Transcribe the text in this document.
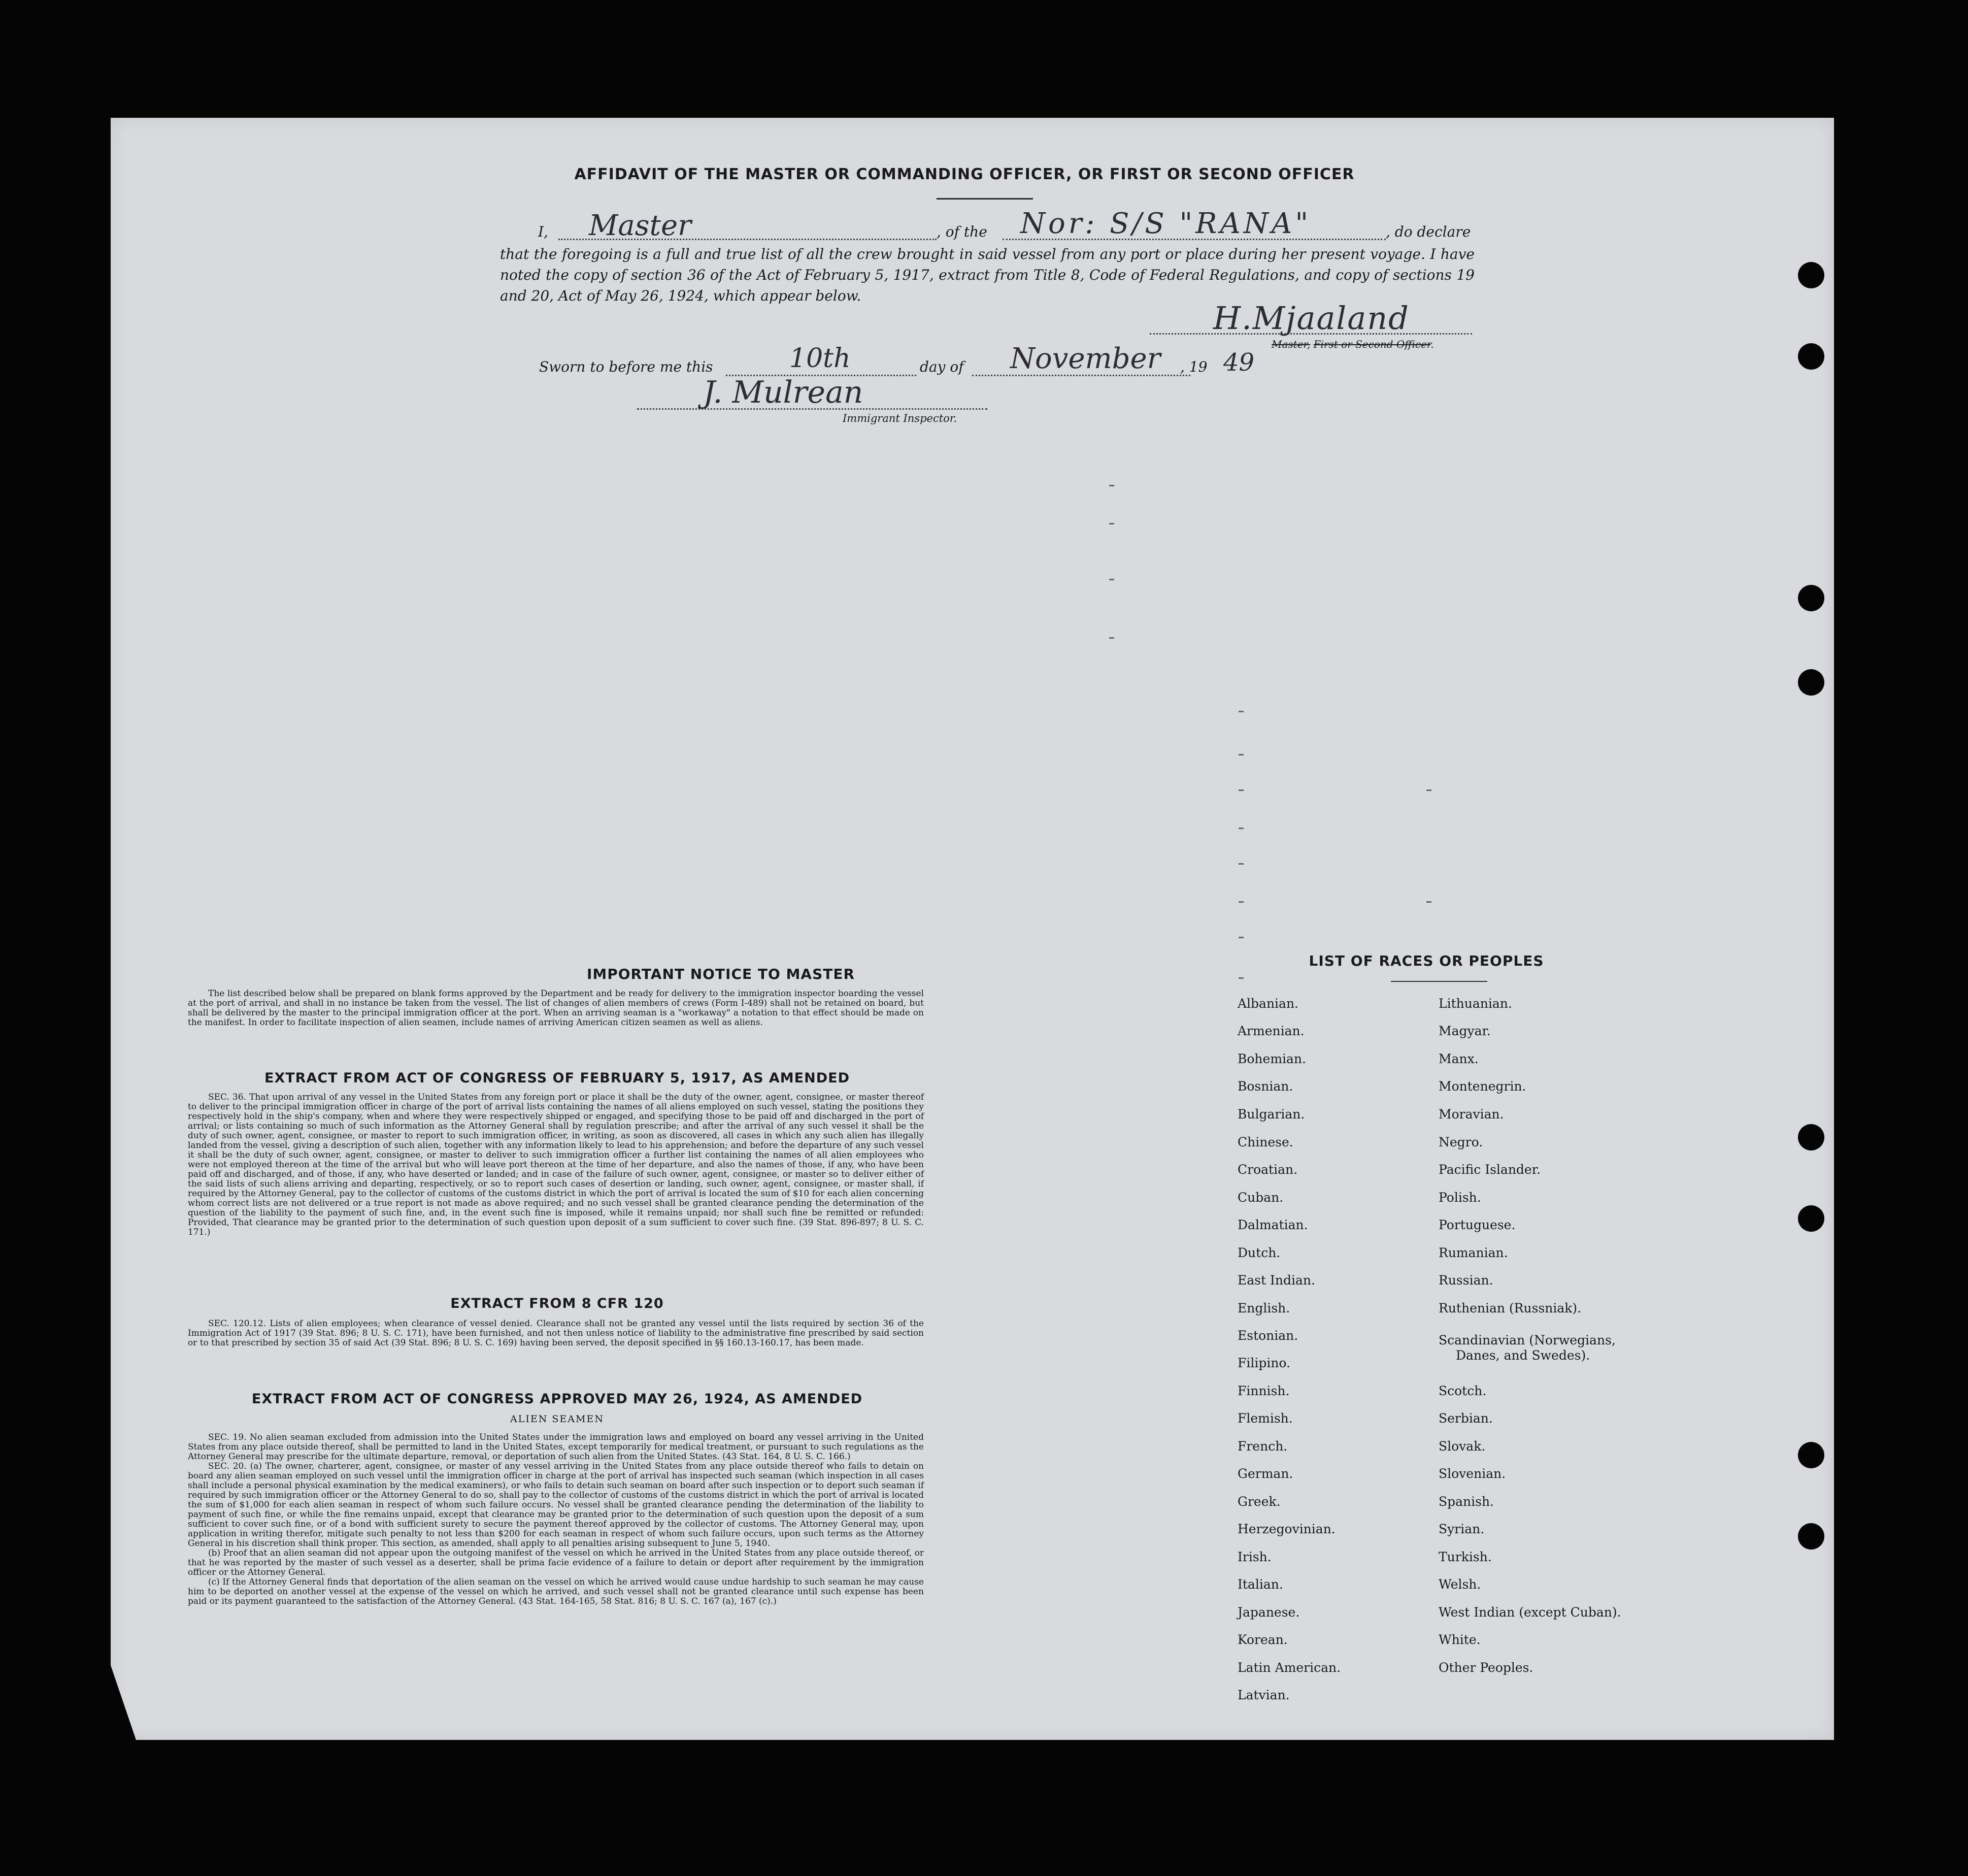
AFFIDAVIT OF THE MASTER OR COMMANDING OFFICER, OR FIRST OR SECOND OFFICER
I, Master	, of the Nor: S/S "RANA"	, do declare
that the foregoing is a full and true list of all the crew brought in said vessel from any port or place during her present voyage. I have noted the copy of section 36 of the Act of February 5, 1917, extract from Title 8, Code of Federal Regulations, and copy of sections 19 and 20, Act of May 26, 1924, which appear below.
H.Mjaaland
Master, First or Second Officer.
Sworn to before me this	10th	day of November , 19 49
J. Mulrean
Immigrant Inspector.
IMPORTANT NOTICE TO MASTER
The list described below shall be prepared on blank forms approved by the Department and be ready for delivery to the immigration inspector boarding the vessel at the port of arrival, and shall in no instance be taken from the vessel. The list of changes of alien members of crews (Form I-489) shall not be retained on board, but shall be delivered by the master to the principal immigration officer at the port. When an arriving seaman is a "workaway" a notation to that effect should be made on the manifest. In order to facilitate inspection of alien seamen, include names of arriving American citizen seamen as well as aliens.
EXTRACT FROM ACT OF CONGRESS OF FEBRUARY 5, 1917, AS AMENDED
SEC. 36. That upon arrival of any vessel in the United States from any foreign port or place it shall be the duty of the owner, agent, consignee, or master thereof to deliver to the principal immigration officer in charge of the port of arrival lists containing the names of all aliens employed on such vessel, stating the positions they respectively hold in the ship's company, when and where they were respectively shipped or engaged, and specifying those to be paid off and discharged in the port of arrival; or lists containing so much of such information as the Attorney General shall by regulation prescribe; and after the arrival of any such vessel it shall be the duty of such owner, agent, consignee, or master to report to such immigration officer, in writing, as soon as discovered, all cases in which any such alien has illegally landed from the vessel, giving a description of such alien, together with any information likely to lead to his apprehension; and before the departure of any such vessel it shall be the duty of such owner, agent, consignee, or master to deliver to such immigration officer a further list containing the names of all alien employees who were not employed thereon at the time of the arrival but who will leave port thereon at the time of her departure, and also the names of those, if any, who have been paid off and discharged, and of those, if any, who have deserted or landed; and in case of the failure of such owner, agent, consignee, or master so to deliver either of the said lists of such aliens arriving and departing, respectively, or so to report such cases of desertion or landing, such owner, agent, consignee, or master shall, if required by the Attorney General, pay to the collector of customs of the customs district in which the port of arrival is located the sum of $10 for each alien concerning whom correct lists are not delivered or a true report is not made as above required; and no such vessel shall be granted clearance pending the determination of the question of the liability to the payment of such fine, and, in the event such fine is imposed, while it remains unpaid; nor shall such fine be remitted or refunded: Provided, That clearance may be granted prior to the determination of such question upon deposit of a sum sufficient to cover such fine. (39 Stat. 896-897; 8 U. S. C. 171.)
EXTRACT FROM 8 CFR 120
SEC. 120.12. Lists of alien employees; when clearance of vessel denied. Clearance shall not be granted any vessel until the lists required by section 36 of the Immigration Act of 1917 (39 Stat. 896; 8 U. S. C. 171), have been furnished, and not then unless notice of liability to the administrative fine prescribed by said section or to that prescribed by section 35 of said Act (39 Stat. 896; 8 U. S. C. 169) having been served, the deposit specified in §§ 160.13-160.17, has been made.
EXTRACT FROM ACT OF CONGRESS APPROVED MAY 26, 1924, AS AMENDED
ALIEN SEAMEN
SEC. 19. No alien seaman excluded from admission into the United States under the immigration laws and employed on board any vessel arriving in the United States from any place outside thereof, shall be permitted to land in the United States, except temporarily for medical treatment, or pursuant to such regulations as the Attorney General may prescribe for the ultimate departure, removal, or deportation of such alien from the United States. (43 Stat. 164, 8 U. S. C. 166.)
SEC. 20. (a) The owner, charterer, agent, consignee, or master of any vessel arriving in the United States from any place outside thereof who fails to detain on board any alien seaman employed on such vessel until the immigration officer in charge at the port of arrival has inspected such seaman (which inspection in all cases shall include a personal physical examination by the medical examiners), or who fails to detain such seaman on board after such inspection or to deport such seaman if required by such immigration officer or the Attorney General to do so, shall pay to the collector of customs of the customs district in which the port of arrival is located the sum of $1,000 for each alien seaman in respect of whom such failure occurs. No vessel shall be granted clearance pending the determination of the liability to payment of such fine, or while the fine remains unpaid, except that clearance may be granted prior to the determination of such question upon the deposit of a sum sufficient to cover such fine, or of a bond with sufficient surety to secure the payment thereof approved by the collector of customs. The Attorney General may, upon application in writing therefor, mitigate such penalty to not less than $200 for each seaman in respect of whom such failure occurs, upon such terms as the Attorney General in his discretion shall think proper. This section, as amended, shall apply to all penalties arising subsequent to June 5, 1940.
(b) Proof that an alien seaman did not appear upon the outgoing manifest of the vessel on which he arrived in the United States from any place outside thereof, or that he was reported by the master of such vessel as a deserter, shall be prima facie evidence of a failure to detain or deport after requirement by the immigration officer or the Attorney General.
(c) If the Attorney General finds that deportation of the alien seaman on the vessel on which he arrived would cause undue hardship to such seaman he may cause him to be deported on another vessel at the expense of the vessel on which he arrived, and such vessel shall not be granted clearance until such expense has been paid or its payment guaranteed to the satisfaction of the Attorney General. (43 Stat. 164-165, 58 Stat. 816; 8 U. S. C. 167 (a), 167 (c).)
LIST OF RACES OR PEOPLES
Albanian.
Armenian.
Bohemian.
Bosnian.
Bulgarian.
Chinese.
Croatian.
Cuban.
Dalmatian.
Dutch.
East Indian.
English.
Estonian.
Filipino.
Finnish.
Flemish.
French.
German.
Greek.
Herzegovinian.
Irish.
Italian.
Japanese.
Korean.
Latin American.
Latvian.
Lithuanian.
Magyar.
Manx.
Montenegrin.
Moravian.
Negro.
Pacific Islander.
Polish.
Portuguese.
Rumanian.
Russian.
Ruthenian (Russniak).
Scandinavian (Norwegians,
Danes, and Swedes).
Scotch.
Serbian.
Slovak.
Slovenian.
Spanish.
Syrian.
Turkish.
Welsh.
West Indian (except Cuban).
White.
Other Peoples.
